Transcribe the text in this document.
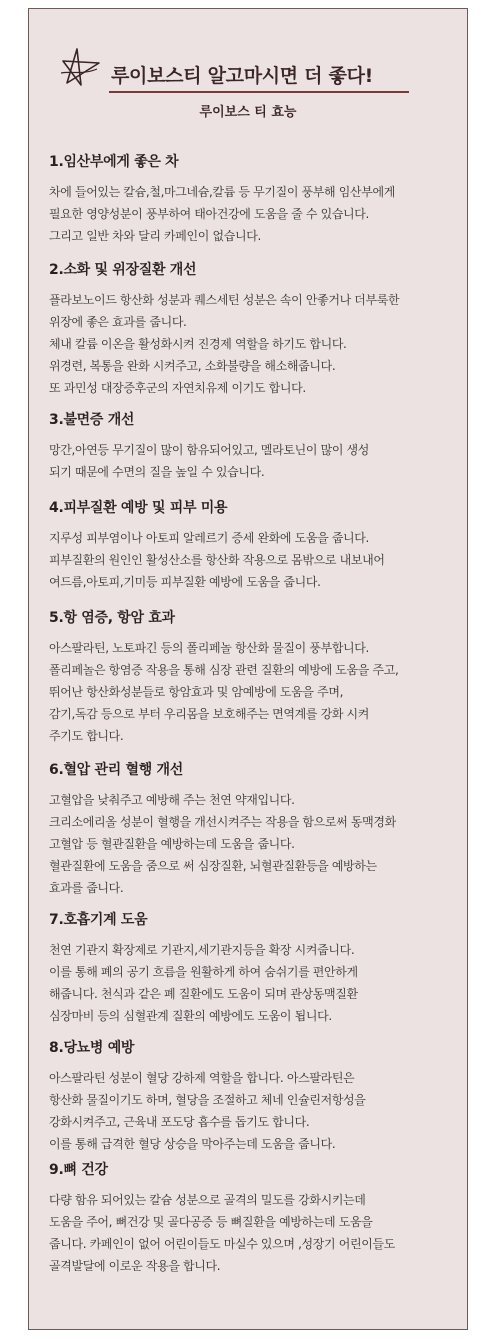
루이보스티 알고마시면 더 좋다!
루이보스 티 효능
1.임산부에게 좋은 차
차에 들어있는 칼슘,철,마그네슘,칼륨 등 무기질이 풍부해 임산부에게
필요한 영양성분이 풍부하여 태아건강에 도움을 줄 수 있습니다.
그리고 일반 차와 달리 카페인이 없습니다.
2.소화 및 위장질환 개선
플라보노이드 항산화 성분과 퀘스세틴 성분은 속이 안좋거나 더부룩한
위장에 좋은 효과를 줍니다.
체내 칼륨 이온을 활성화시켜 진경제 역할을 하기도 합니다.
위경련, 복통을 완화 시켜주고, 소화불량을 해소해줍니다.
또 과민성 대장증후군의 자연치유제 이기도 합니다.
3.불면증 개선
망간,아연등 무기질이 많이 함유되어있고, 멜라토닌이 많이 생성
되기 때문에 수면의 질을 높일 수 있습니다.
4.피부질환 예방 및 피부 미용
지루성 피부염이나 아토피 알레르기 증세 완화에 도움을 줍니다.
피부질환의 원인인 활성산소를 항산화 작용으로 몸밖으로 내보내어
여드름,아토피,기미등 피부질환 예방에 도움을 줍니다.
5.항 염증, 항암 효과
아스팔라틴, 노토파긴 등의 폴리페놀 항산화 물질이 풍부합니다.
폴리페놀은 항염증 작용을 통해 심장 관련 질환의 예방에 도움을 주고,
뛰어난 항산화성분들로 항암효과 및 암예방에 도움을 주며,
감기,독감 등으로 부터 우리몸을 보호해주는 면역계를 강화 시켜
주기도 합니다.
6.혈압 관리 혈행 개선
고혈압을 낮춰주고 예방해 주는 천연 약재입니다.
크리소에리올 성분이 혈행을 개선시켜주는 작용을 함으로써 동맥경화
고혈압 등 혈관질환을 예방하는데 도움을 줍니다.
혈관질환에 도움을 줌으로 써 심장질환, 뇌혈관질환등을 예방하는
효과를 줍니다.
7.호흡기계 도움
천연 기관지 확장제로 기관지,세기관지등을 확장 시켜줍니다.
이를 통해 폐의 공기 흐름을 원활하게 하여 숨쉬기를 편안하게
해줍니다. 천식과 같은 폐 질환에도 도움이 되며 관상동맥질환
심장마비 등의 심혈관계 질환의 예방에도 도움이 됩니다.
8.당뇨병 예방
아스팔라틴 성분이 혈당 강하제 역할을 합니다. 아스팔라틴은
항산화 물질이기도 하며, 혈당을 조절하고 체네 인슐린저항성을
강화시켜주고, 근육내 포도당 흡수를 돕기도 합니다.
이를 통해 급격한 혈당 상승을 막아주는데 도움을 줍니다.
9.뼈 건강
다량 함유 되어있는 칼슘 성분으로 골격의 밀도를 강화시키는데
도움을 주어, 뼈건강 및 골다공증 등 뼈질환을 예방하는데 도움을
줍니다. 카페인이 없어 어린이들도 마실수 있으며 ,성장기 어린이들도
골격발달에 이로운 작용을 합니다.
